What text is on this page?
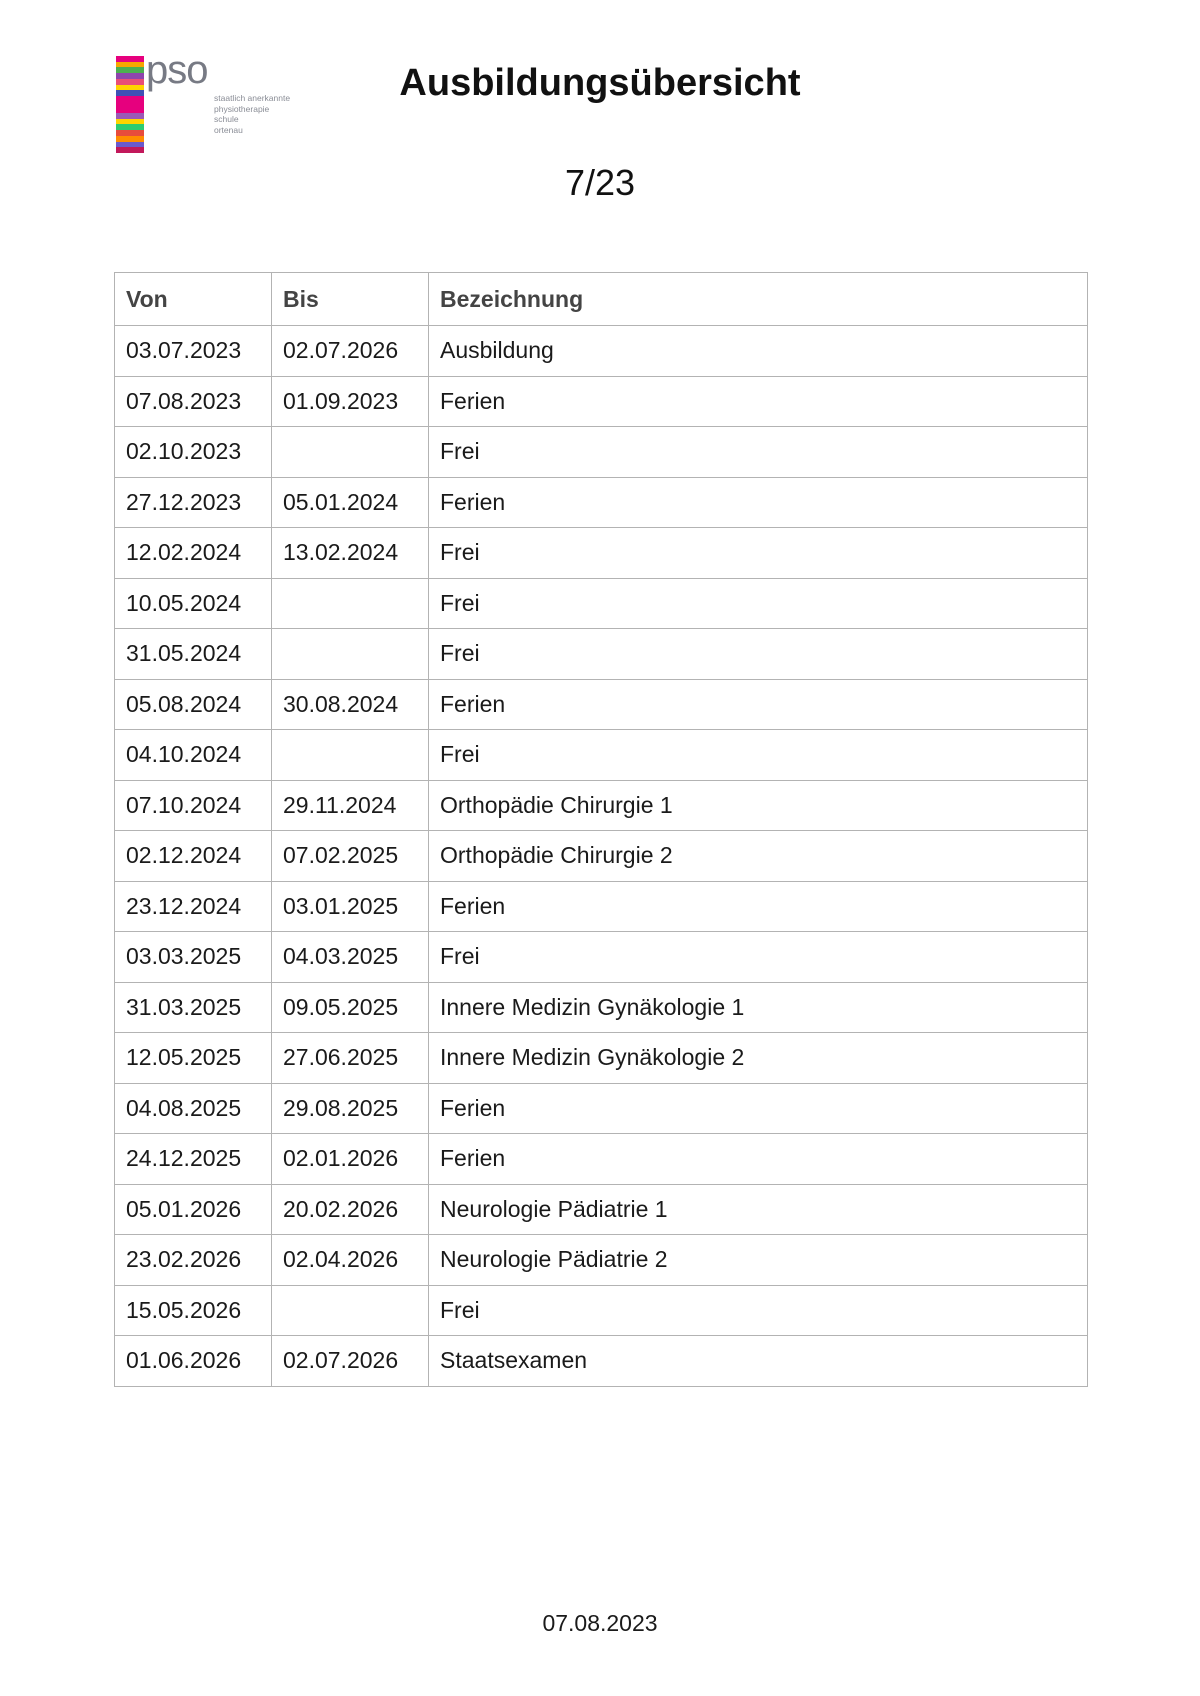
pso
staatlich anerkannte
physiotherapie
schule
ortenau
Ausbildungsübersicht
7/23
Von	Bis	Bezeichnung
03.07.2023	02.07.2026	Ausbildung
07.08.2023	01.09.2023	Ferien
02.10.2023		Frei
27.12.2023	05.01.2024	Ferien
12.02.2024	13.02.2024	Frei
10.05.2024		Frei
31.05.2024		Frei
05.08.2024	30.08.2024	Ferien
04.10.2024		Frei
07.10.2024	29.11.2024	Orthopädie Chirurgie 1
02.12.2024	07.02.2025	Orthopädie Chirurgie 2
23.12.2024	03.01.2025	Ferien
03.03.2025	04.03.2025	Frei
31.03.2025	09.05.2025	Innere Medizin Gynäkologie 1
12.05.2025	27.06.2025	Innere Medizin Gynäkologie 2
04.08.2025	29.08.2025	Ferien
24.12.2025	02.01.2026	Ferien
05.01.2026	20.02.2026	Neurologie Pädiatrie 1
23.02.2026	02.04.2026	Neurologie Pädiatrie 2
15.05.2026		Frei
01.06.2026	02.07.2026	Staatsexamen
07.08.2023
